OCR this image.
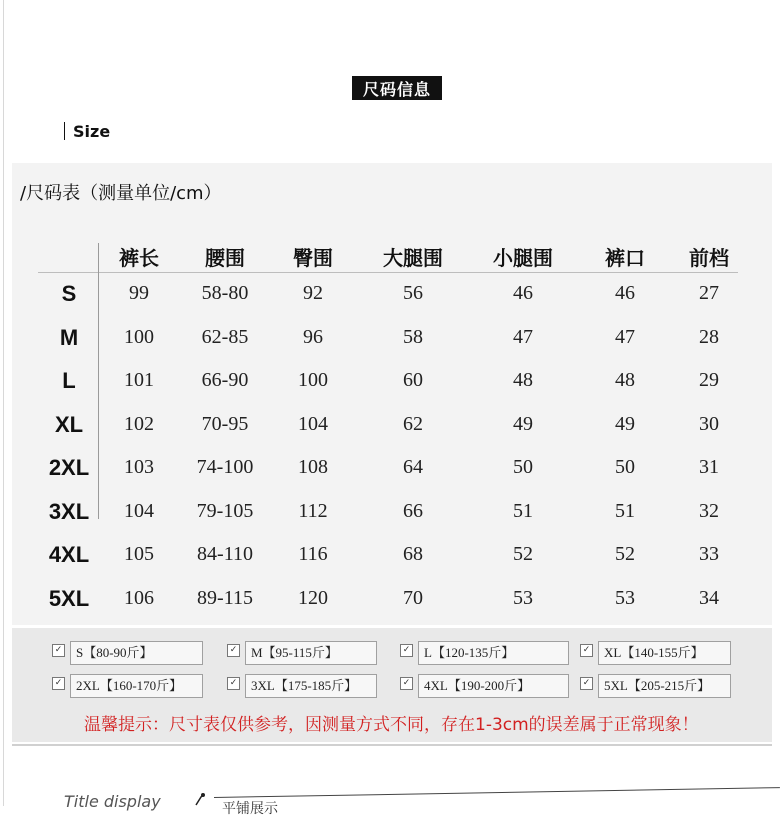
尺码信息
Size
/尺码表（测量单位/cm）
裤长	腰围	臀围	大腿围	小腿围	裤口	前档
S	99	58-80	92	56	46	46	27
M	100	62-85	96	58	47	47	28
L	101	66-90	100	60	48	48	29
XL	102	70-95	104	62	49	49	30
2XL	103	74-100	108	64	50	50	31
3XL	104	79-105	112	66	51	51	32
4XL	105	84-110	116	68	52	52	33
5XL	106	89-115	120	70	53	53	34
✓	S【80-90斤】	✓	M【95-115斤】	✓	L【120-135斤】	✓	XL【140-155斤】
✓	2XL【160-170斤】	✓	3XL【175-185斤】	✓	4XL【190-200斤】	✓	5XL【205-215斤】
温馨提示：尺寸表仅供参考，因测量方式不同，存在1-3cm的误差属于正常现象！
Title display	平铺展示
